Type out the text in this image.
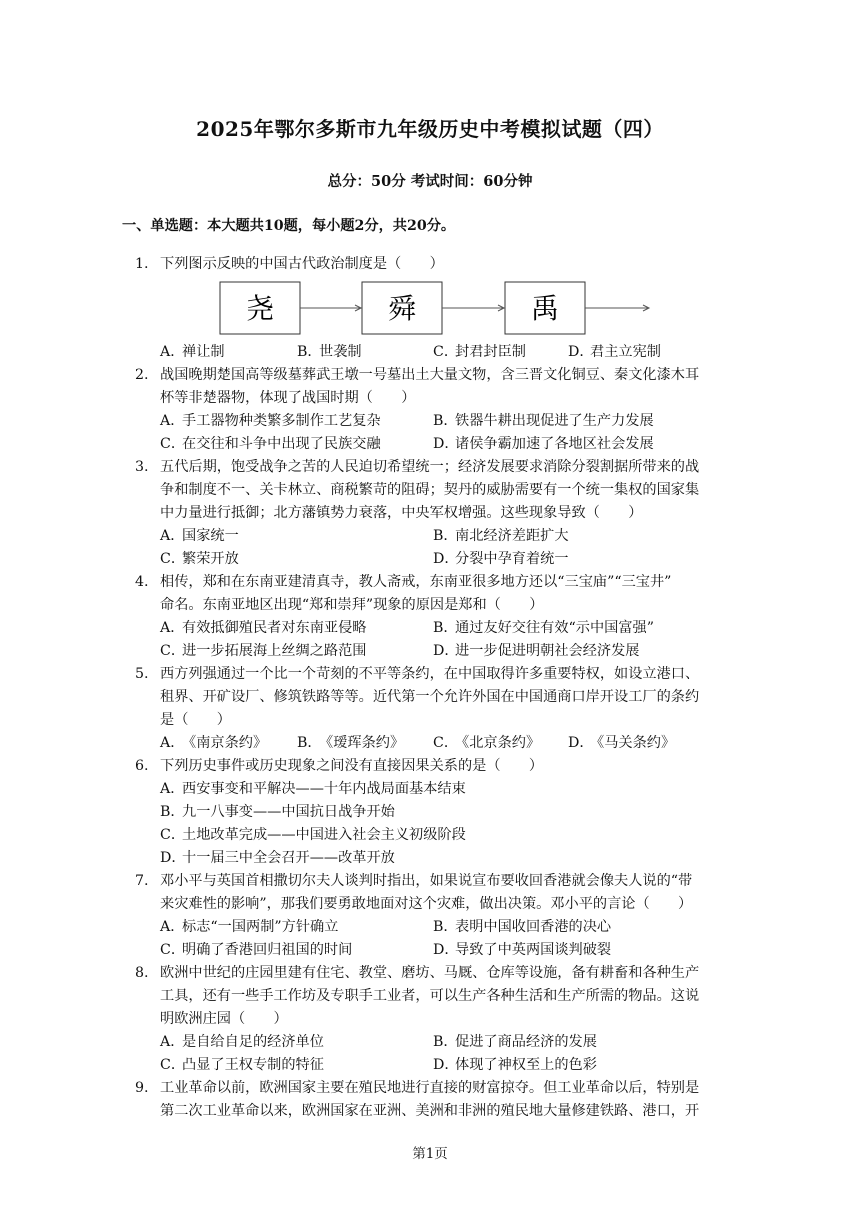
2025年鄂尔多斯市九年级历史中考模拟试题（四）
总分：50分 考试时间：60分钟
一、单选题：本大题共10题，每小题2分，共20分。
1. 下列图示反映的中国古代政治制度是（　　）
尧	舜	禹
A．禅让制	B．世袭制	C．封君封臣制	D．君主立宪制
2. 战国晚期楚国高等级墓葬武王墩一号墓出土大量文物，含三晋文化铜豆、秦文化漆木耳
杯等非楚器物，体现了战国时期（　　）
A．手工器物种类繁多制作工艺复杂	B．铁器牛耕出现促进了生产力发展
C．在交往和斗争中出现了民族交融	D．诸侯争霸加速了各地区社会发展
3. 五代后期，饱受战争之苦的人民迫切希望统一；经济发展要求消除分裂割据所带来的战
争和制度不一、关卡林立、商税繁苛的阻碍；契丹的威胁需要有一个统一集权的国家集
中力量进行抵御；北方藩镇势力衰落，中央军权增强。这些现象导致（　　）
A．国家统一	B．南北经济差距扩大
C．繁荣开放	D．分裂中孕育着统一
4. 相传，郑和在东南亚建清真寺，教人斋戒，东南亚很多地方还以“三宝庙”“三宝井”
命名。东南亚地区出现“郑和崇拜”现象的原因是郑和（　　）
A．有效抵御殖民者对东南亚侵略	B．通过友好交往有效“示中国富强”
C．进一步拓展海上丝绸之路范围	D．进一步促进明朝社会经济发展
5. 西方列强通过一个比一个苛刻的不平等条约，在中国取得许多重要特权，如设立港口、
租界、开矿设厂、修筑铁路等等。近代第一个允许外国在中国通商口岸开设工厂的条约
是（　　）
A．《南京条约》 B．《瑷珲条约》 C．《北京条约》 D．《马关条约》
6. 下列历史事件或历史现象之间没有直接因果关系的是（　　）
A．西安事变和平解决——十年内战局面基本结束
B．九一八事变——中国抗日战争开始
C．土地改革完成——中国进入社会主义初级阶段
D．十一届三中全会召开——改革开放
7. 邓小平与英国首相撒切尔夫人谈判时指出，如果说宣布要收回香港就会像夫人说的“带
来灾难性的影响”，那我们要勇敢地面对这个灾难，做出决策。邓小平的言论（　　）
A．标志“一国两制”方针确立	B．表明中国收回香港的决心
C．明确了香港回归祖国的时间	D．导致了中英两国谈判破裂
8. 欧洲中世纪的庄园里建有住宅、教堂、磨坊、马厩、仓库等设施，备有耕畜和各种生产
工具，还有一些手工作坊及专职手工业者，可以生产各种生活和生产所需的物品。这说
明欧洲庄园（　　）
A．是自给自足的经济单位	B．促进了商品经济的发展
C．凸显了王权专制的特征	D．体现了神权至上的色彩
9. 工业革命以前，欧洲国家主要在殖民地进行直接的财富掠夺。但工业革命以后，特别是
第二次工业革命以来，欧洲国家在亚洲、美洲和非洲的殖民地大量修建铁路、港口，开
第1页
